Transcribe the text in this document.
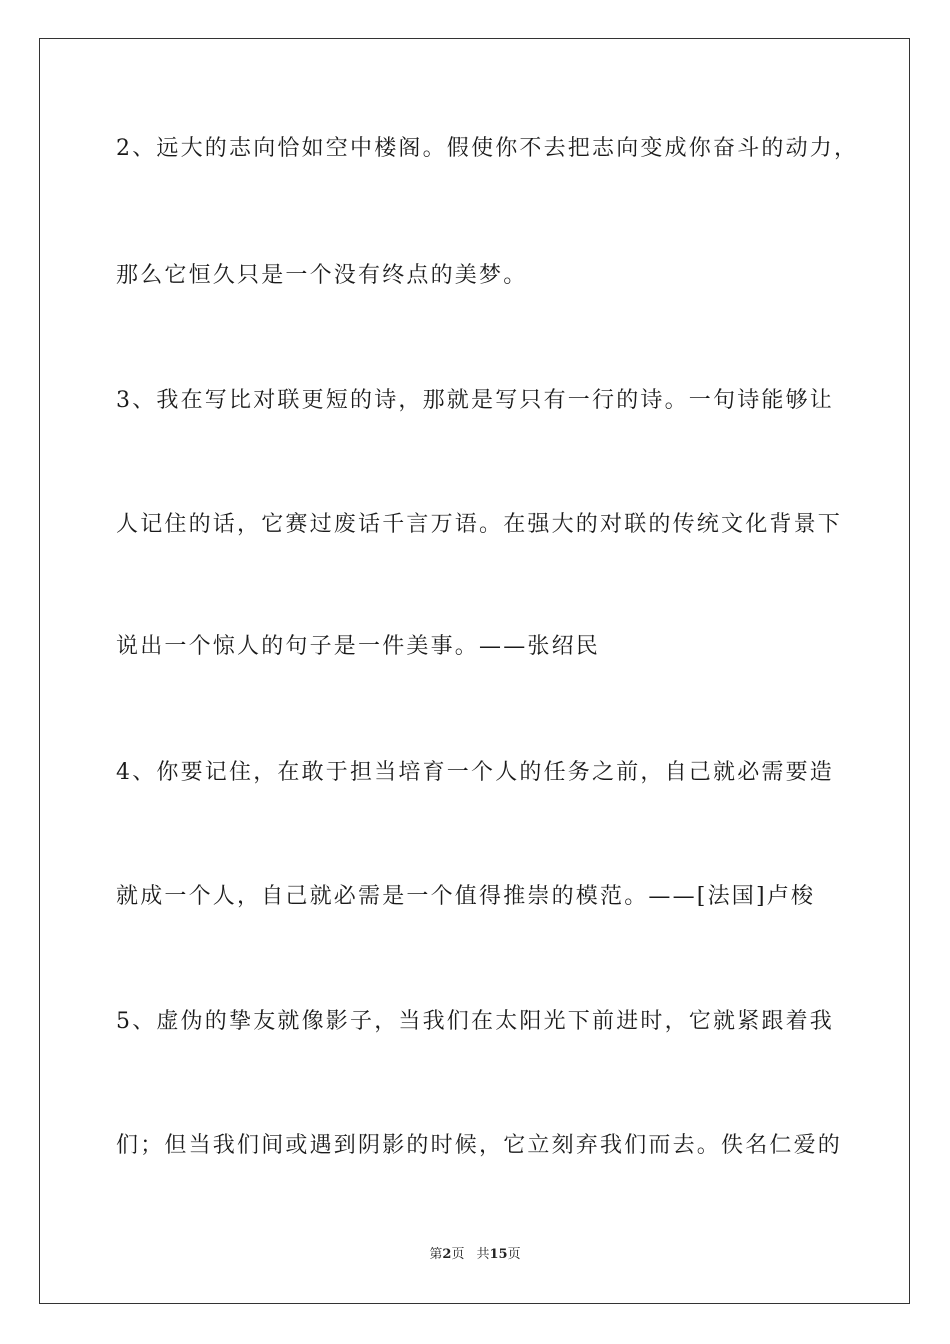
2、远大的志向恰如空中楼阁。假使你不去把志向变成你奋斗的动力，
那么它恒久只是一个没有终点的美梦。
3、我在写比对联更短的诗，那就是写只有一行的诗。一句诗能够让
人记住的话，它赛过废话千言万语。在强大的对联的传统文化背景下
说出一个惊人的句子是一件美事。——张绍民
4、你要记住，在敢于担当培育一个人的任务之前，自己就必需要造
就成一个人，自己就必需是一个值得推崇的模范。——[法国]卢梭
5、虚伪的挚友就像影子，当我们在太阳光下前进时，它就紧跟着我
们；但当我们间或遇到阴影的时候，它立刻弃我们而去。佚名仁爱的
第2页 共15页
